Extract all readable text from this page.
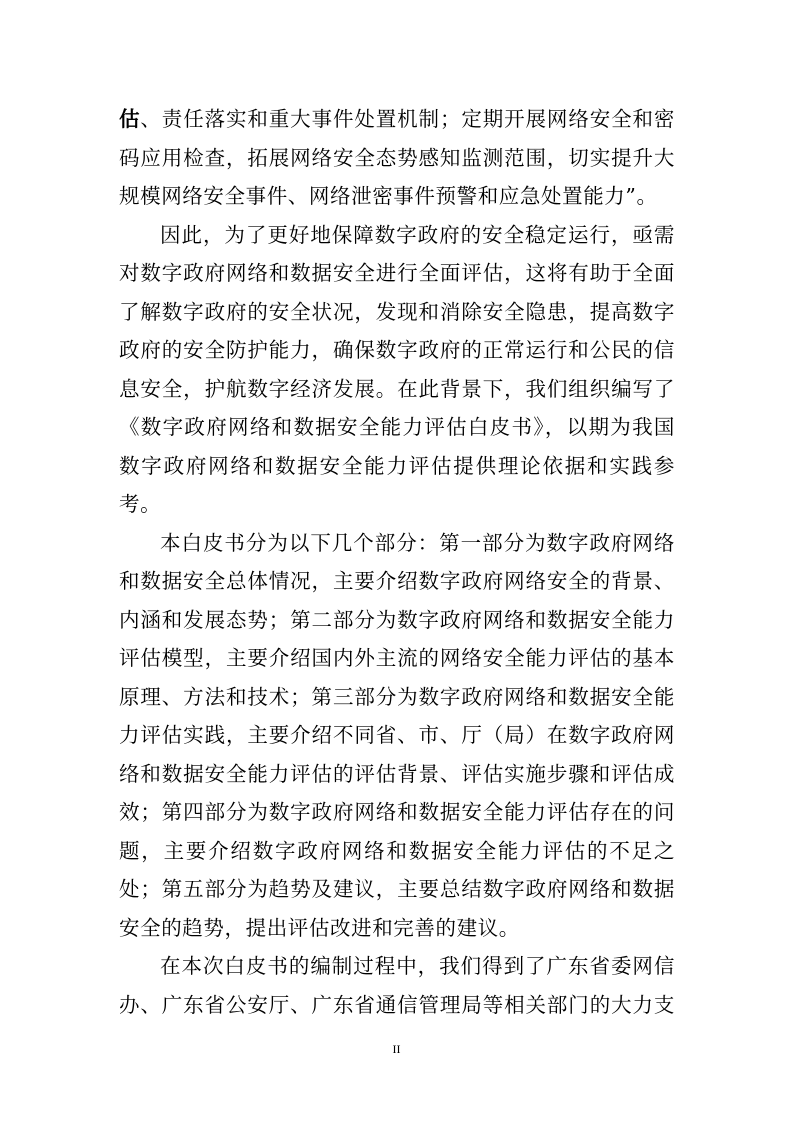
估、责任落实和重大事件处置机制；定期开展网络安全和密码应用检查，拓展网络安全态势感知监测范围，切实提升大规模网络安全事件、网络泄密事件预警和应急处置能力”。

因此，为了更好地保障数字政府的安全稳定运行，亟需对数字政府网络和数据安全进行全面评估，这将有助于全面了解数字政府的安全状况，发现和消除安全隐患，提高数字政府的安全防护能力，确保数字政府的正常运行和公民的信息安全，护航数字经济发展。在此背景下，我们组织编写了《数字政府网络和数据安全能力评估白皮书》，以期为我国数字政府网络和数据安全能力评估提供理论依据和实践参考。

本白皮书分为以下几个部分：第一部分为数字政府网络和数据安全总体情况，主要介绍数字政府网络安全的背景、内涵和发展态势；第二部分为数字政府网络和数据安全能力评估模型，主要介绍国内外主流的网络安全能力评估的基本原理、方法和技术；第三部分为数字政府网络和数据安全能力评估实践，主要介绍不同省、市、厅（局）在数字政府网络和数据安全能力评估的评估背景、评估实施步骤和评估成效；第四部分为数字政府网络和数据安全能力评估存在的问题，主要介绍数字政府网络和数据安全能力评估的不足之处；第五部分为趋势及建议，主要总结数字政府网络和数据安全的趋势，提出评估改进和完善的建议。

在本次白皮书的编制过程中，我们得到了广东省委网信办、广东省公安厅、广东省通信管理局等相关部门的大力支

II
